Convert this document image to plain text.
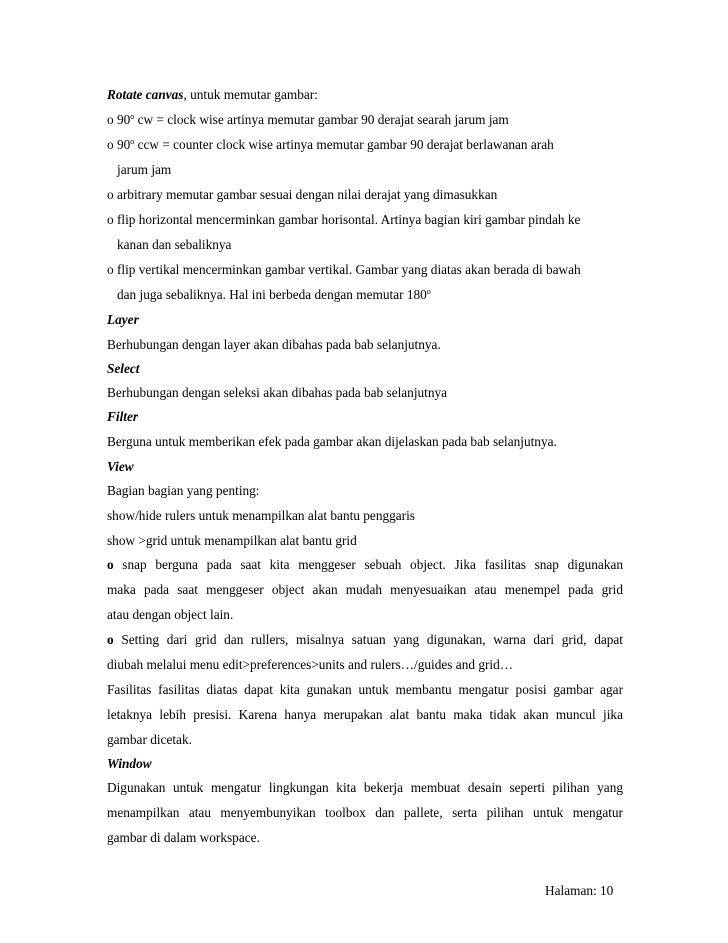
Rotate canvas, untuk memutar gambar:
o 90$^o$ cw = clock wise artinya memutar gambar 90 derajat searah jarum jam
o 90$^o$ ccw = counter clock wise artinya memutar gambar 90 derajat berlawanan arah
jarum jam
o arbitrary memutar gambar sesuai dengan nilai derajat yang dimasukkan
o flip horizontal mencerminkan gambar horisontal. Artinya bagian kiri gambar pindah ke
kanan dan sebaliknya
o flip vertikal mencerminkan gambar vertikal. Gambar yang diatas akan berada di bawah
dan juga sebaliknya. Hal ini berbeda dengan memutar 180$^o$
Layer
Berhubungan dengan layer akan dibahas pada bab selanjutnya.
Select
Berhubungan dengan seleksi akan dibahas pada bab selanjutnya
Filter
Berguna untuk memberikan efek pada gambar akan dijelaskan pada bab selanjutnya.
View
Bagian bagian yang penting:
show/hide rulers untuk menampilkan alat bantu penggaris
show >grid untuk menampilkan alat bantu grid
o snap berguna pada saat kita menggeser sebuah object. Jika fasilitas snap digunakan
maka pada saat menggeser object akan mudah menyesuaikan atau menempel pada grid
atau dengan object lain.
o Setting dari grid dan rullers, misalnya satuan yang digunakan, warna dari grid, dapat
diubah melalui menu edit>preferences>units and rulers…/guides and grid…
Fasilitas fasilitas diatas dapat kita gunakan untuk membantu mengatur posisi gambar agar
letaknya lebih presisi. Karena hanya merupakan alat bantu maka tidak akan muncul jika
gambar dicetak.
Window
Digunakan untuk mengatur lingkungan kita bekerja membuat desain seperti pilihan yang
menampilkan atau menyembunyikan toolbox dan pallete, serta pilihan untuk mengatur
gambar di dalam workspace.
Halaman: 10
